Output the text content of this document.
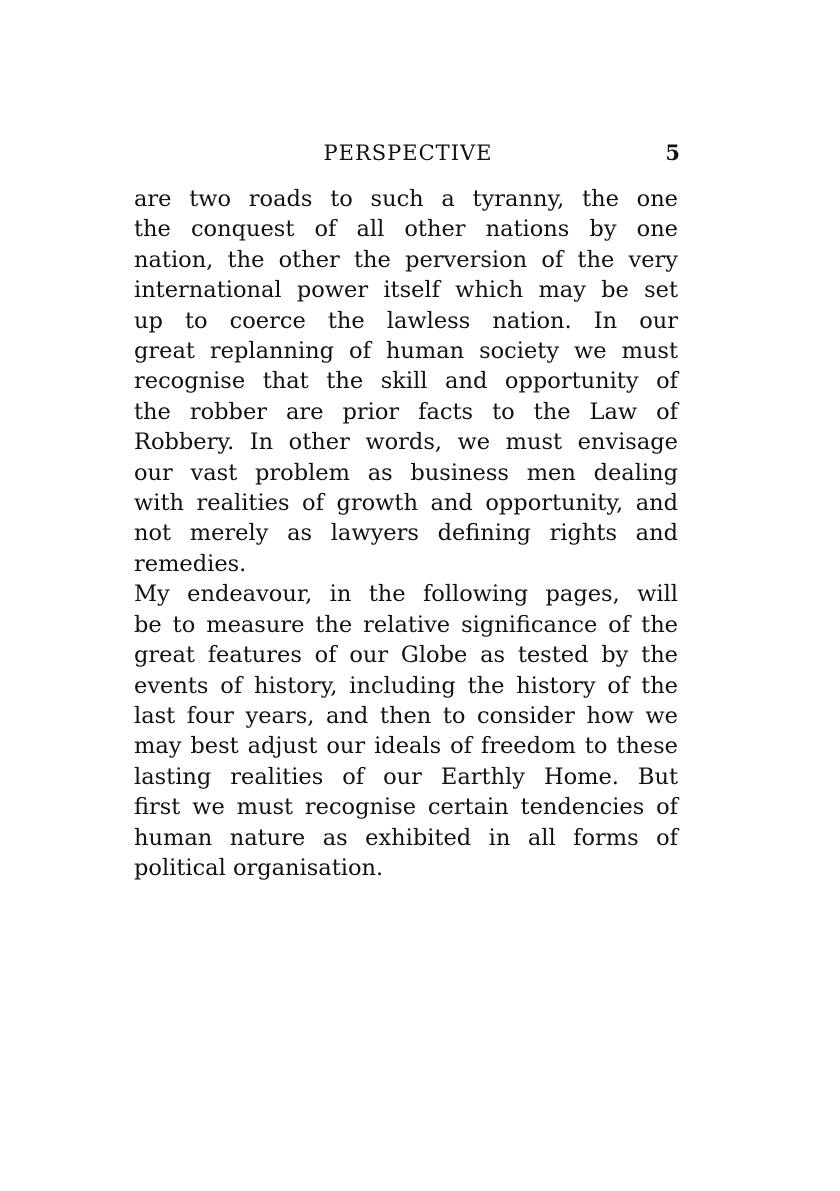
PERSPECTIVE	5

are two roads to such a tyranny, the one
the conquest of all other nations by one
nation, the other the perversion of the very
international power itself which may be set
up to coerce the lawless nation. In our
great replanning of human society we must
recognise that the skill and opportunity of
the robber are prior facts to the Law of
Robbery. In other words, we must envisage
our vast problem as business men dealing
with realities of growth and opportunity, and
not merely as lawyers defining rights and
remedies.

My endeavour, in the following pages, will
be to measure the relative significance of the
great features of our Globe as tested by the
events of history, including the history of the
last four years, and then to consider how we
may best adjust our ideals of freedom to these
lasting realities of our Earthly Home. But
first we must recognise certain tendencies of
human nature as exhibited in all forms of
political organisation.
